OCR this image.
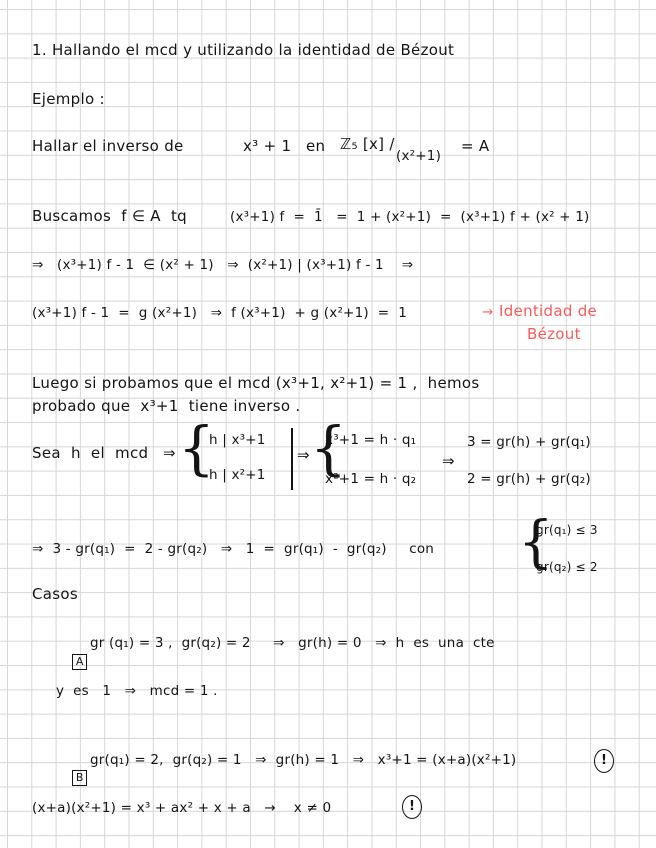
1. Hallando el mcd y utilizando la identidad de Bézout
Ejemplo :
Hallar el inverso de	x³ + 1 en ℤ₅ [x] /
(x²+1)
= A
Buscamos  f ∈ A  tq	(x³+1) f  =  1̄   =  1 + (x²+1)  =  (x³+1) f + (x² + 1)
⇒   (x³+1) f - 1  ∈ (x² + 1)   ⇒  (x²+1) | (x³+1) f - 1    ⇒
(x³+1) f - 1  =  g (x²+1)   ⇒  f (x³+1)  + g (x²+1)  =  1	→ Identidad de
Bézout
Luego si probamos que el mcd (x³+1, x²+1) = 1 ,  hemos
probado que  x³+1  tiene inverso .
Sea  h  el  mcd ⇒ {
h | x³+1
h | x²+1
⇒ {
x³+1 = h · q₁
x²+1 = h · q₂
⇒
3 = gr(h) + gr(q₁)
2 = gr(h) + gr(q₂)
⇒  3 - gr(q₁)  =  2 - gr(q₂)   ⇒   1  =  gr(q₁)  -  gr(q₂)     con {
gr(q₁) ≤ 3
gr(q₂) ≤ 2
Casos

A

gr (q₁) = 3 ,  gr(q₂) = 2     ⇒   gr(h) = 0   ⇒  h  es  una  cte
y  es   1   ⇒   mcd = 1 .

B

gr(q₁) = 2,  gr(q₂) = 1   ⇒  gr(h) = 1   ⇒   x³+1 = (x+a)(x²+1)	!
(x+a)(x²+1) = x³ + ax² + x + a   →    x ≠ 0	!
